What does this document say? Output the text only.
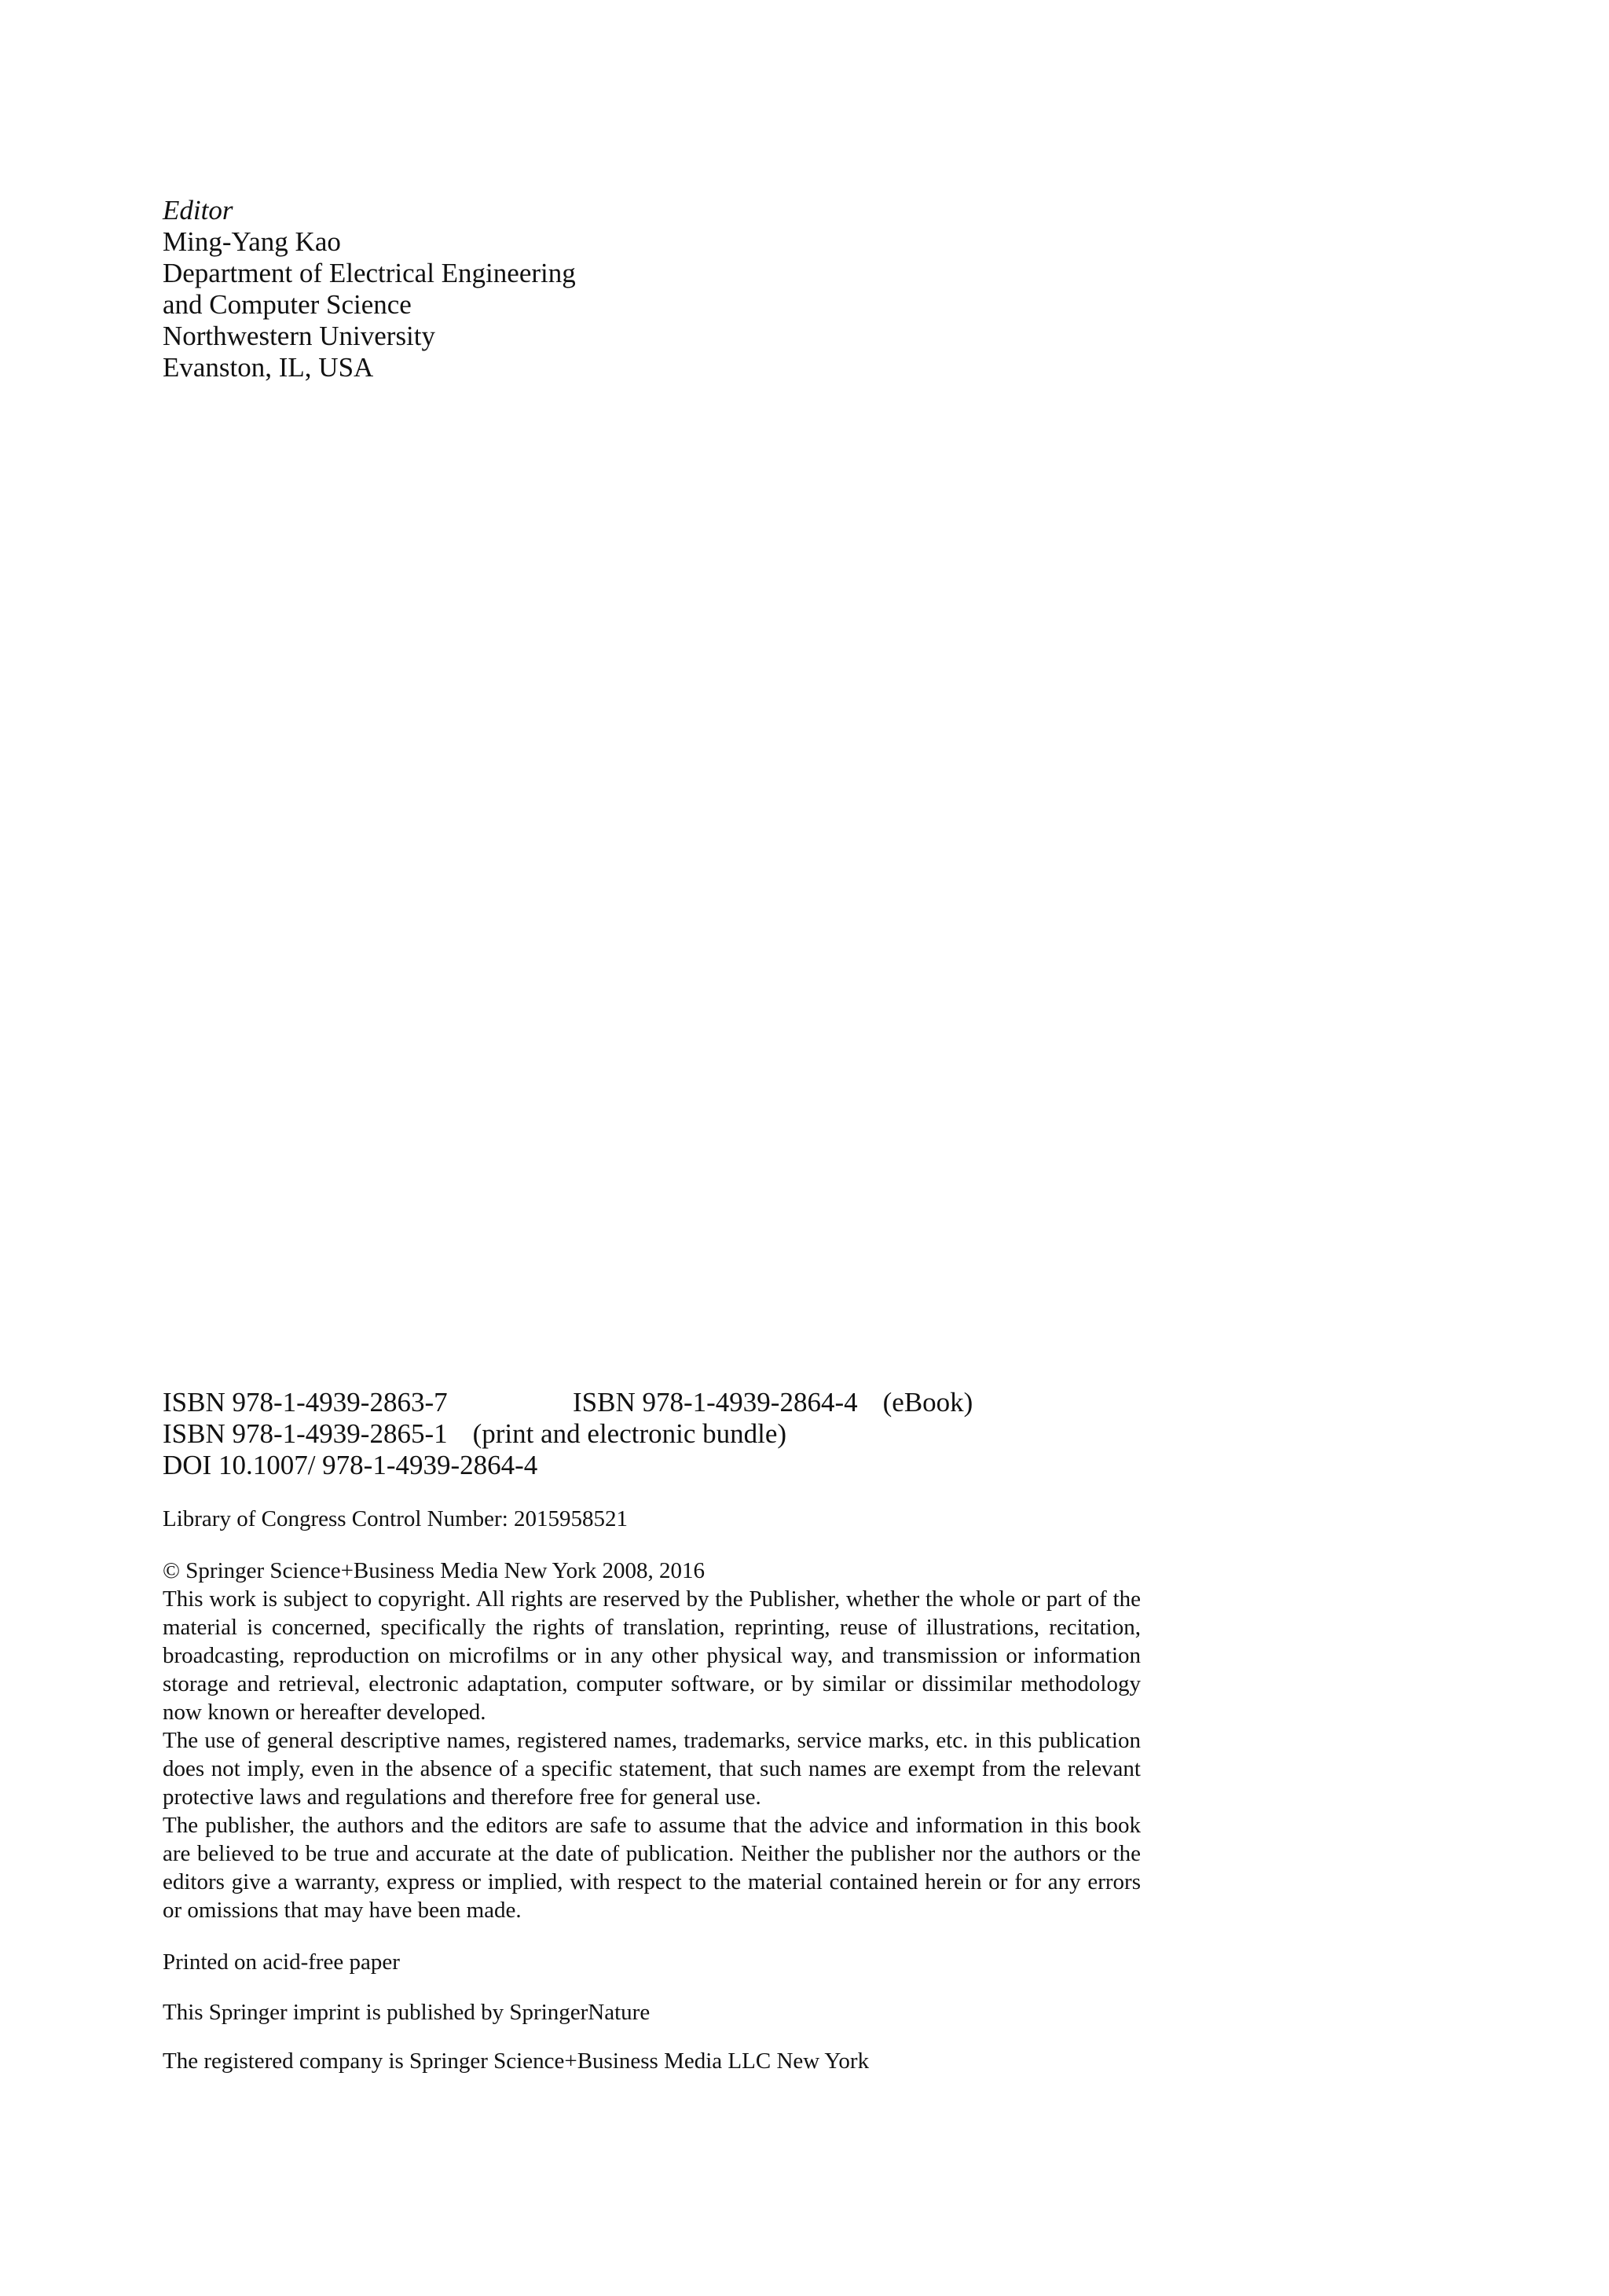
Editor
Ming-Yang Kao
Department of Electrical Engineering
and Computer Science
Northwestern University
Evanston, IL, USA
ISBN 978-1-4939-2863-7	ISBN 978-1-4939-2864-4 (eBook)
ISBN 978-1-4939-2865-1 (print and electronic bundle)
DOI 10.1007/ 978-1-4939-2864-4
Library of Congress Control Number: 2015958521
© Springer Science+Business Media New York 2008, 2016

This work is subject to copyright. All rights are reserved by the Publisher, whether the whole or part of the material is concerned, specifically the rights of translation, reprinting, reuse of illustrations, recitation, broadcasting, reproduction on microfilms or in any other physical way, and transmission or information storage and retrieval, electronic adaptation, computer software, or by similar or dissimilar methodology now known or hereafter developed.

The use of general descriptive names, registered names, trademarks, service marks, etc. in this publication does not imply, even in the absence of a specific statement, that such names are exempt from the relevant protective laws and regulations and therefore free for general use.

The publisher, the authors and the editors are safe to assume that the advice and information in this book are believed to be true and accurate at the date of publication. Neither the publisher nor the authors or the editors give a warranty, express or implied, with respect to the material contained herein or for any errors or omissions that may have been made.

Printed on acid-free paper
This Springer imprint is published by SpringerNature
The registered company is Springer Science+Business Media LLC New York
